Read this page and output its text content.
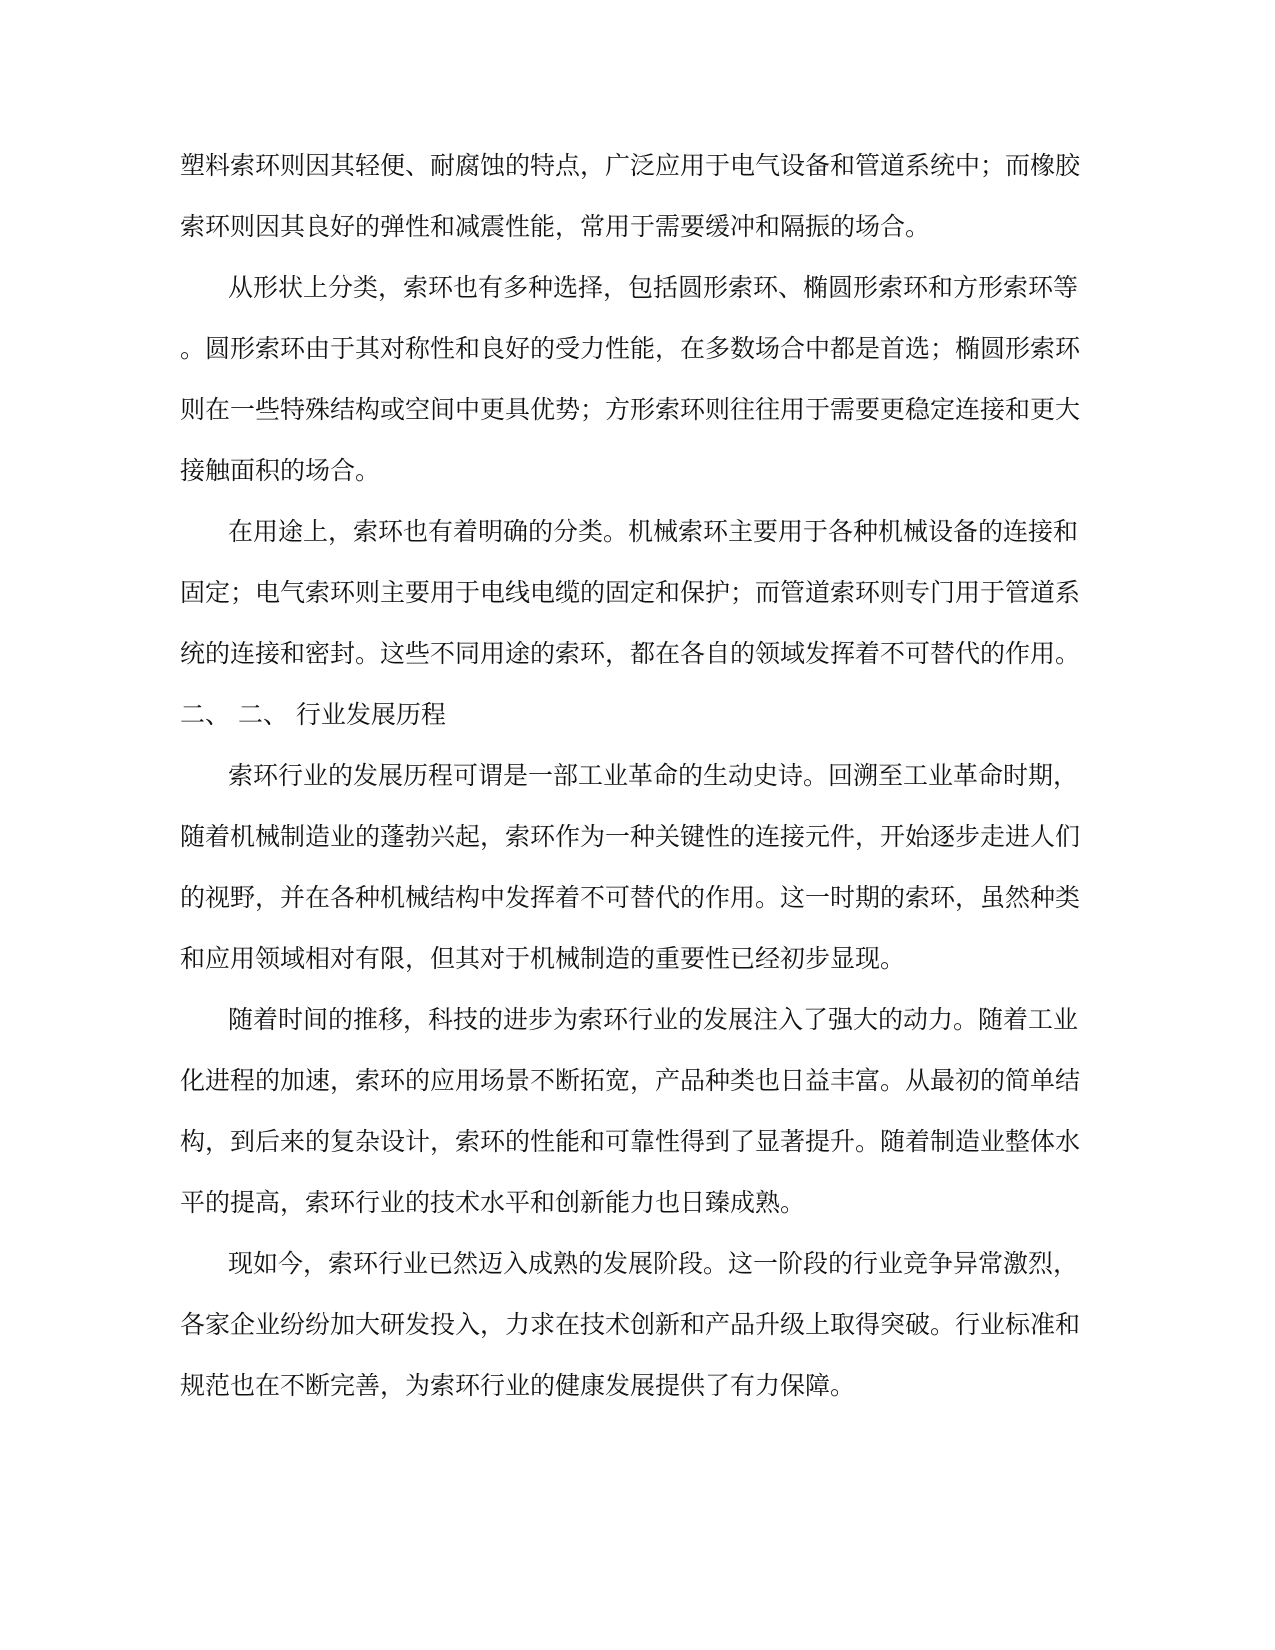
塑料索环则因其轻便、耐腐蚀的特点，广泛应用于电气设备和管道系统中；而橡胶
索环则因其良好的弹性和减震性能，常用于需要缓冲和隔振的场合。
从形状上分类，索环也有多种选择，包括圆形索环、椭圆形索环和方形索环等
。圆形索环由于其对称性和良好的受力性能，在多数场合中都是首选；椭圆形索环
则在一些特殊结构或空间中更具优势；方形索环则往往用于需要更稳定连接和更大
接触面积的场合。
在用途上，索环也有着明确的分类。机械索环主要用于各种机械设备的连接和
固定；电气索环则主要用于电线电缆的固定和保护；而管道索环则专门用于管道系
统的连接和密封。这些不同用途的索环，都在各自的领域发挥着不可替代的作用。
二、 二、 行业发展历程
索环行业的发展历程可谓是一部工业革命的生动史诗。回溯至工业革命时期，
随着机械制造业的蓬勃兴起，索环作为一种关键性的连接元件，开始逐步走进人们
的视野，并在各种机械结构中发挥着不可替代的作用。这一时期的索环，虽然种类
和应用领域相对有限，但其对于机械制造的重要性已经初步显现。
随着时间的推移，科技的进步为索环行业的发展注入了强大的动力。随着工业
化进程的加速，索环的应用场景不断拓宽，产品种类也日益丰富。从最初的简单结
构，到后来的复杂设计，索环的性能和可靠性得到了显著提升。随着制造业整体水
平的提高，索环行业的技术水平和创新能力也日臻成熟。
现如今，索环行业已然迈入成熟的发展阶段。这一阶段的行业竞争异常激烈，
各家企业纷纷加大研发投入，力求在技术创新和产品升级上取得突破。行业标准和
规范也在不断完善，为索环行业的健康发展提供了有力保障。
